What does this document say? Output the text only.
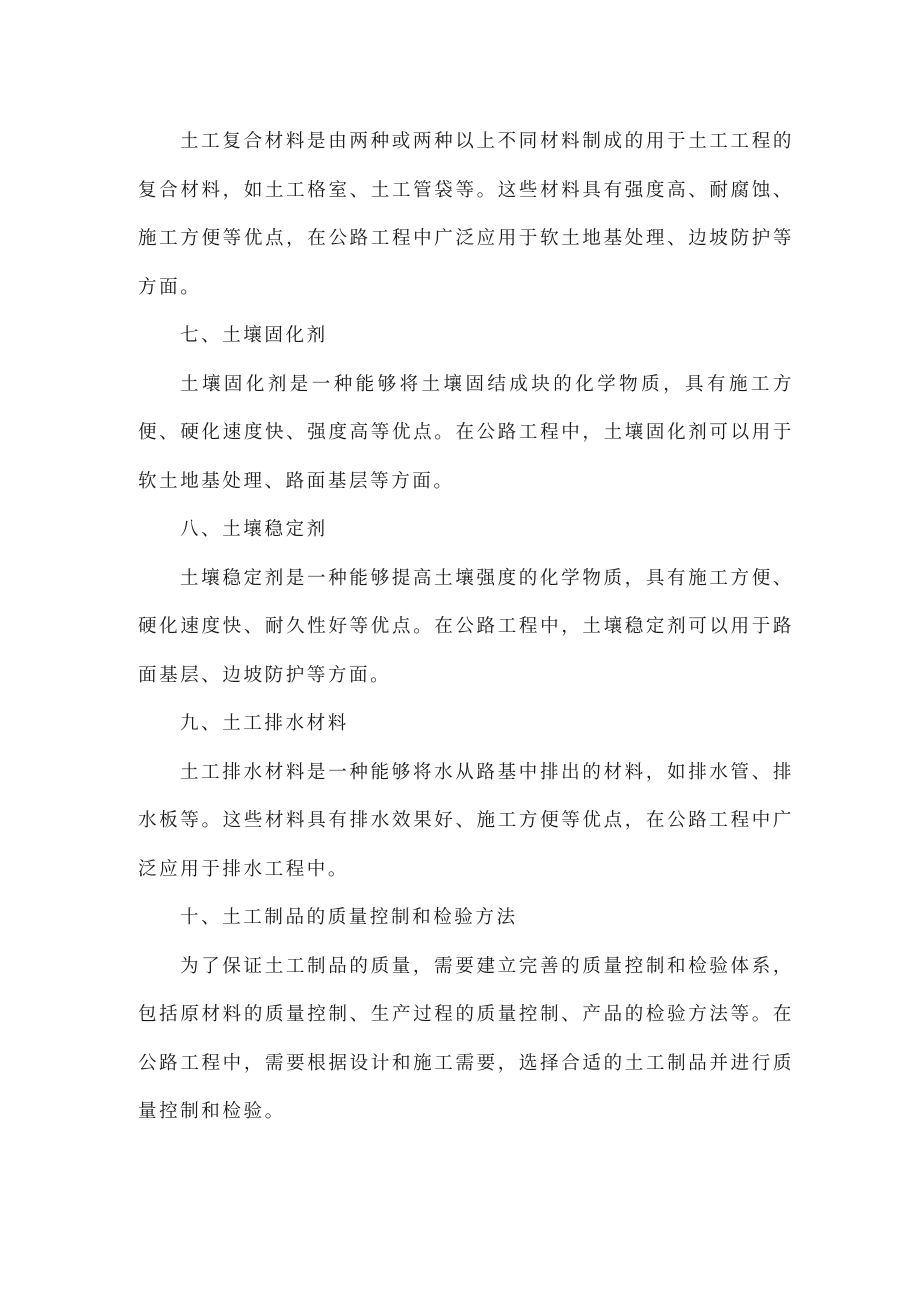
土工复合材料是由两种或两种以上不同材料制成的用于土工工程的复合材料，如土工格室、土工管袋等。这些材料具有强度高、耐腐蚀、施工方便等优点，在公路工程中广泛应用于软土地基处理、边坡防护等方面。

七、土壤固化剂

土壤固化剂是一种能够将土壤固结成块的化学物质，具有施工方便、硬化速度快、强度高等优点。在公路工程中，土壤固化剂可以用于软土地基处理、路面基层等方面。

八、土壤稳定剂

土壤稳定剂是一种能够提高土壤强度的化学物质，具有施工方便、硬化速度快、耐久性好等优点。在公路工程中，土壤稳定剂可以用于路面基层、边坡防护等方面。

九、土工排水材料

土工排水材料是一种能够将水从路基中排出的材料，如排水管、排水板等。这些材料具有排水效果好、施工方便等优点，在公路工程中广泛应用于排水工程中。

十、土工制品的质量控制和检验方法

为了保证土工制品的质量，需要建立完善的质量控制和检验体系，包括原材料的质量控制、生产过程的质量控制、产品的检验方法等。在公路工程中，需要根据设计和施工需要，选择合适的土工制品并进行质量控制和检验。
